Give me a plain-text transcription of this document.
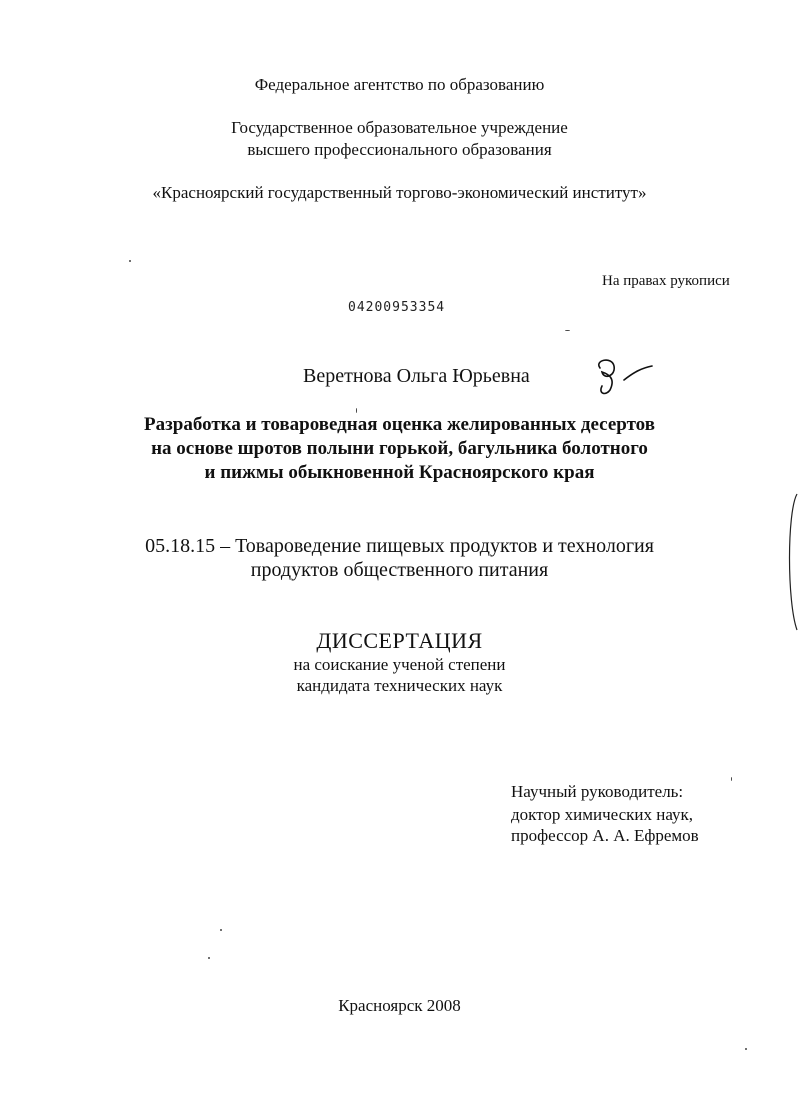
Федеральное агентство по образованию
Государственное образовательное учреждение
высшего профессионального образования
«Красноярский государственный торгово-экономический институт»
На правах рукописи
04200953354
Веретнова Ольга Юрьевна
Разработка и товароведная оценка желированных десертов
на основе шротов полыни горькой, багульника болотного
и пижмы обыкновенной Красноярского края
05.18.15 – Товароведение пищевых продуктов и технология
продуктов общественного питания
ДИССЕРТАЦИЯ
на соискание ученой степени
кандидата технических наук
Научный руководитель:
доктор химических наук,
профессор А. А. Ефремов
Красноярск 2008
